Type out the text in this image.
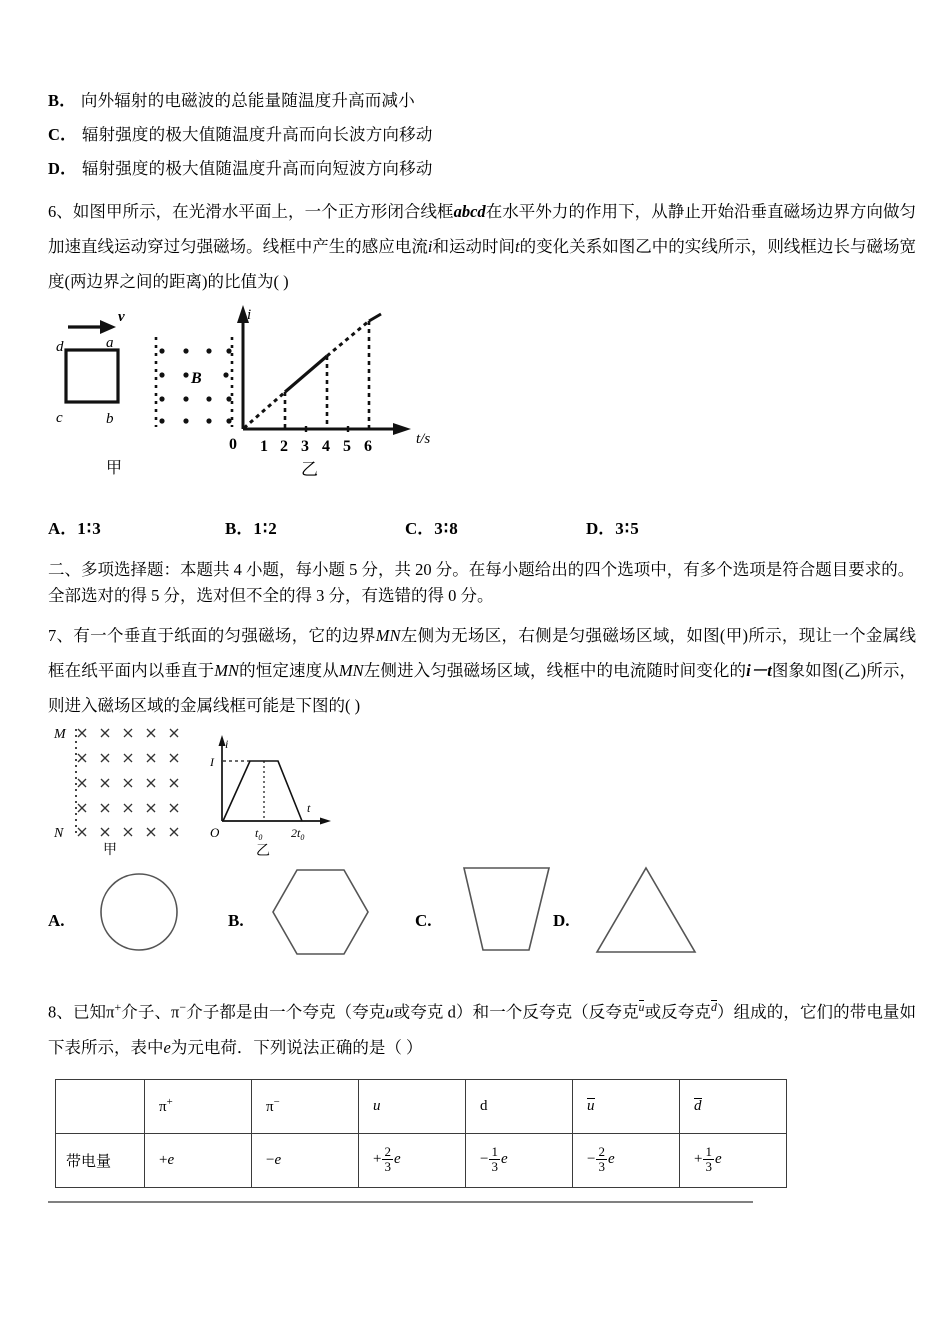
B． 向外辐射的电磁波的总能量随温度升高而减小
C． 辐射强度的极大值随温度升高而向长波方向移动
D． 辐射强度的极大值随温度升高而向短波方向移动
6、如图甲所示，在光滑水平面上，一个正方形闭合线框abcd在水平外力的作用下，从静止开始沿垂直磁场边界方向做匀加速直线运动穿过匀强磁场。线框中产生的感应电流i和运动时间t的变化关系如图乙中的实线所示，则线框边长与磁场宽度(两边界之间的距离)的比值为( )
v
d	a
c	b
B
甲
i
0 1 2 3 4 5 6	t/s
乙
A．1∶3	B．1∶2	C．3∶8	D．3∶5
二、多项选择题：本题共 4 小题，每小题 5 分，共 20 分。在每小题给出的四个选项中，有多个选项是符合题目要求的。
全部选对的得 5 分，选对但不全的得 3 分，有选错的得 0 分。
7、有一个垂直于纸面的匀强磁场，它的边界MN左侧为无场区，右侧是匀强磁场区域，如图(甲)所示，现让一个金属线框在纸平面内以垂直于MN的恒定速度从MN左侧进入匀强磁场区域，线框中的电流随时间变化的i－t图象如图(乙)所示，则进入磁场区域的金属线框可能是下图的( )
M
N
甲
i
I
O
t
$t_0$ $2t_0$
乙
A.	B.	C.	D.
8、已知π+介子、π−介子都是由一个夸克（夸克u或夸克 d）和一个反夸克（反夸克u或反夸克d）组成的，它们的带电量如下表所示，表中e为元电荷．下列说法正确的是（ ）
	π+	π−	u	d	u	d
带电量	+e	−e	+ $\frac{2}{3}$ e	− $\frac{1}{3}$ e	− $\frac{2}{3}$ e	+ $\frac{1}{3}$ e
